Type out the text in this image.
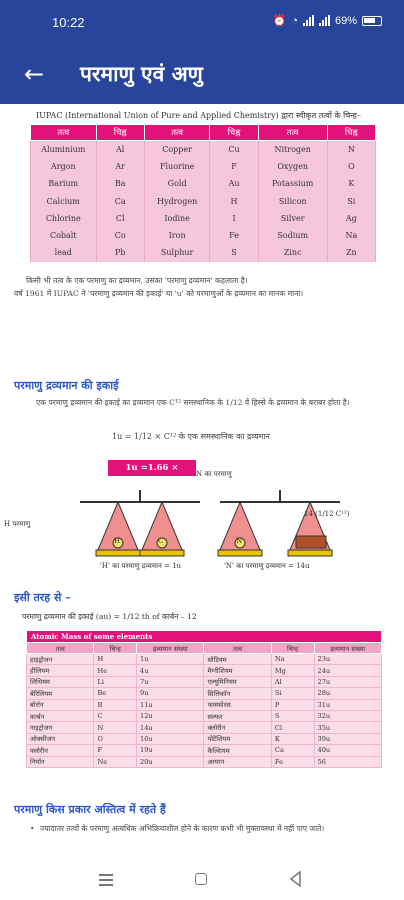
10:22	⏰ ◔	69%
← परमाणु एवं अणु
IUPAC (International Union of Pure and Applied Chemistry) द्वारा स्वीकृत तत्वों के चिन्ह–
तत्व	चिह्न	तत्व	चिह्न	तत्व	चिह्न
Aluminium	Al	Copper	Cu	Nitrogen	N
Argon	Ar	Fluorine	F	Oxygen	O
Barium	Ba	Gold	Au	Potassium	K
Calcium	Ca	Hydrogen	H	Silicon	Si
Chlorine	Cl	Iodine	I	Silver	Ag
Cobalt	Co	Iron	Fe	Sodium	Na
lead	Pb	Sulphur	S	Zinc	Zn
किसी भी तत्व के एक परमाणु का द्रव्यमान, उसका 'परमाणु द्रव्यमान' कहलाता है।
वर्ष 1961 में IUPAC ने 'परमाणु द्रव्यमान की इकाई' या 'u' को परमाणुओं के द्रव्यमान का मानक माना।
परमाणु द्रव्यमान की इकाई
एक परमाणु द्रव्यमान की इकाई का द्रव्यमान एक C¹² समस्थानिक के 1/12 वें हिस्से के द्रव्यमान के बराबर होता है।
1u = 1/12 × C¹² के एक समस्थानिक का द्रव्यमान
1u =1.66 × 10⁻²⁷Kg
H	C	N
H परमाणु
N का परमाणु
14 (1/12 C¹²)
'H' का परमाणु द्रव्यमान = 1u	'N' का परमाणु द्रव्यमान = 14u
इसी तरह से –
परमाणु द्रव्यमान की इकाई (au) = 1/12 th of कार्बन – 12
Atomic Mass of some elements					
तत्व	चिन्ह	द्रव्यमान संख्या	तत्व	चिन्ह	द्रव्यमान संख्या
हाइड्रोजन	H	1u	सोडियम	Na	23u
हीलियम	He	4u	मैग्नीशियम	Mg	24u
लिथियम	Li	7u	एल्युमिनियम	Al	27u
बेरिलियम	Be	9u	सिलिकॉन	Si	28u
बोरॉन	B	11u	फास्फोरस	P	31u
कार्बन	C	12u	सल्फर	S	32u
नाइट्रोजन	N	14u	क्लोरीन	Cl	35u
ऑक्सीजन	O	16u	पोटैशियम	K	39u
फ्लोरीन	F	19u	कैल्शियम	Ca	40u
नियॉन	Ne	20u	आयरन	Fe	56
परमाणु किस प्रकार अस्तित्व में रहते हैं
• ज्यादातर तत्वों के परमाणु अत्यधिक अभिक्रियाशील होने के कारण कभी भी मुक्तावस्था में नहीं पाए जाते।
